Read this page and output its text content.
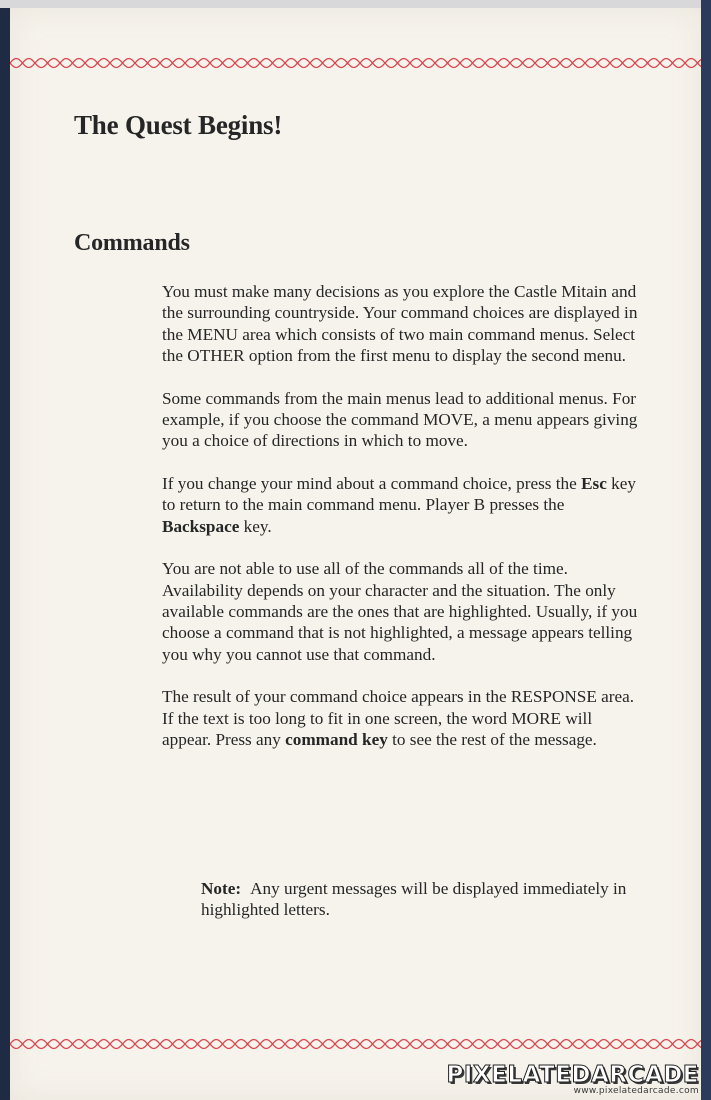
The Quest Begins!
Commands

You must make many decisions as you explore the Castle Mitain and the surrounding countryside. Your command choices are displayed in the MENU area which consists of two main command menus. Select the OTHER option from the first menu to display the second menu.

Some commands from the main menus lead to additional menus. For example, if you choose the command MOVE, a menu appears giving you a choice of directions in which to move.

If you change your mind about a command choice, press the Esc key to return to the main command menu. Player B presses the Backspace key.

You are not able to use all of the commands all of the time. Availability depends on your character and the situation. The only available commands are the ones that are highlighted. Usually, if you choose a command that is not highlighted, a message appears telling you why you cannot use that command.

The result of your command choice appears in the RESPONSE area. If the text is too long to fit in one screen, the word MORE will appear. Press any command key to see the rest of the message.

Note: Any urgent messages will be displayed immediately in highlighted letters.
PIXELATEDARCADE
www.pixelatedarcade.com
